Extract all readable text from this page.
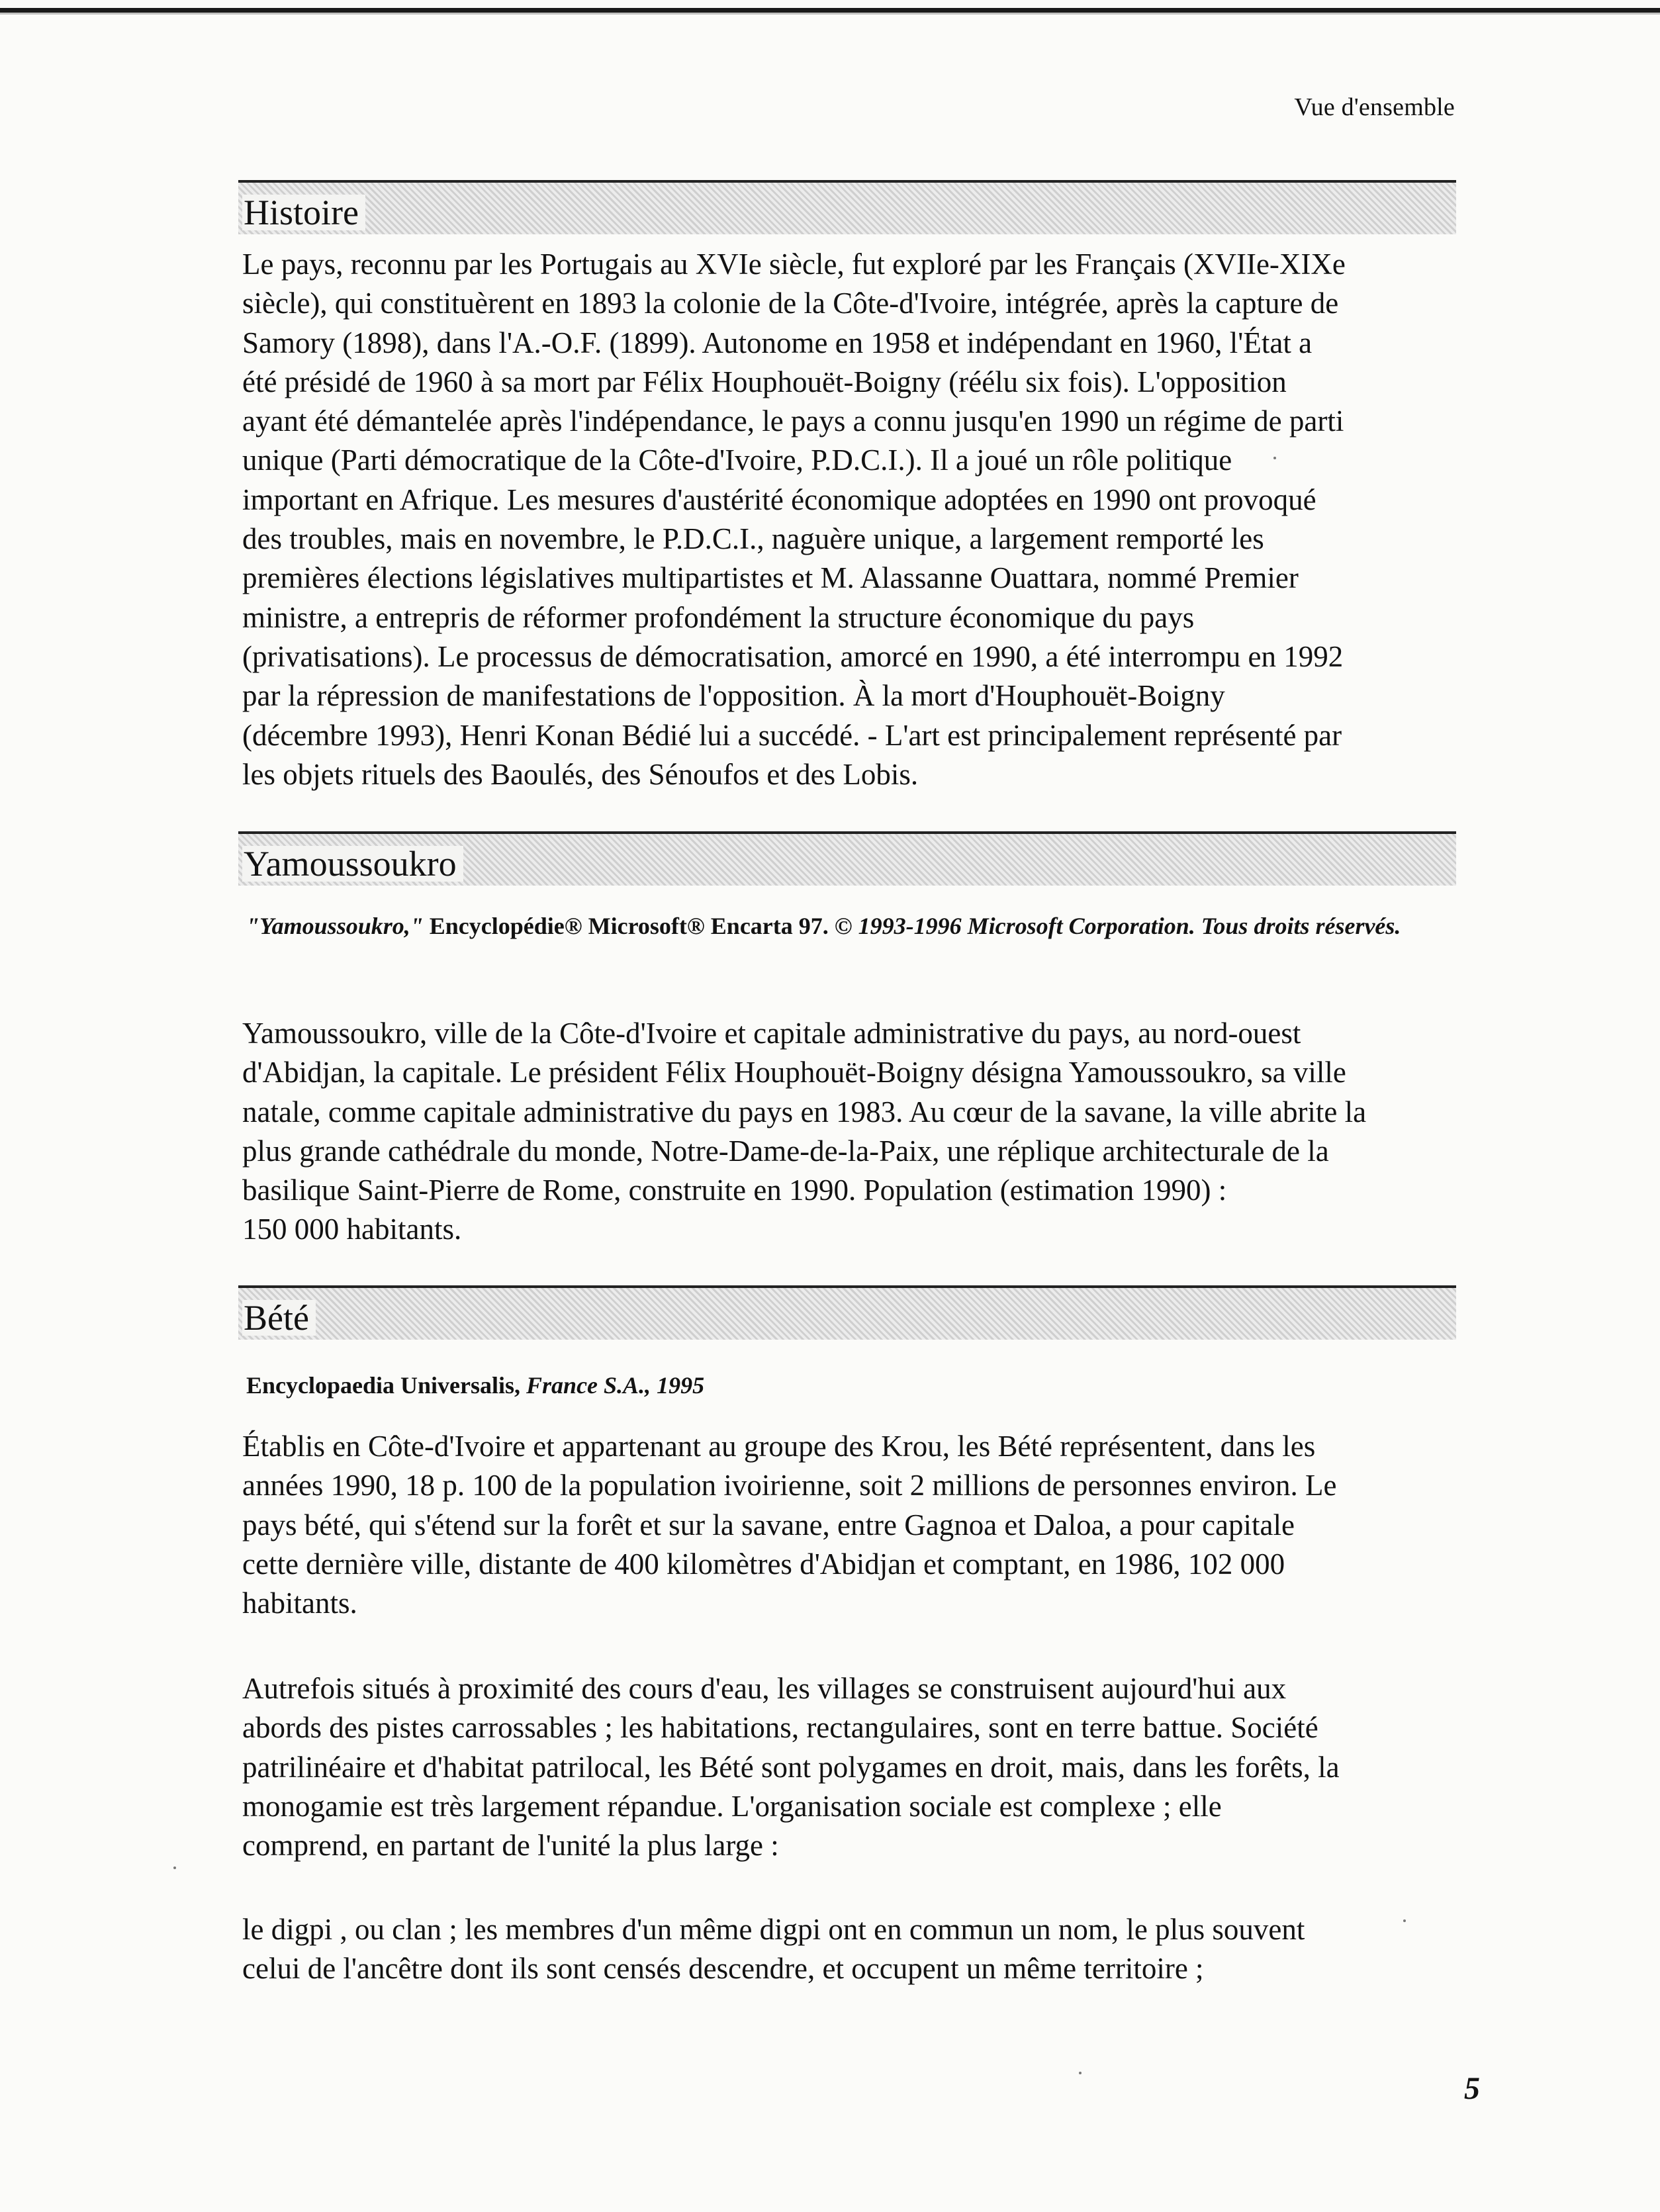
Vue d'ensemble
Histoire

Le pays, reconnu par les Portugais au XVIe siècle, fut exploré par les Français (XVIIe-XIXe
siècle), qui constituèrent en 1893 la colonie de la Côte-d'Ivoire, intégrée, après la capture de
Samory (1898), dans l'A.-O.F. (1899). Autonome en 1958 et indépendant en 1960, l'État a
été présidé de 1960 à sa mort par Félix Houphouët-Boigny (réélu six fois). L'opposition
ayant été démantelée après l'indépendance, le pays a connu jusqu'en 1990 un régime de parti
unique (Parti démocratique de la Côte-d'Ivoire, P.D.C.I.). Il a joué un rôle politique
important en Afrique. Les mesures d'austérité économique adoptées en 1990 ont provoqué
des troubles, mais en novembre, le P.D.C.I., naguère unique, a largement remporté les
premières élections législatives multipartistes et M. Alassanne Ouattara, nommé Premier
ministre, a entrepris de réformer profondément la structure économique du pays
(privatisations). Le processus de démocratisation, amorcé en 1990, a été interrompu en 1992
par la répression de manifestations de l'opposition. À la mort d'Houphouët-Boigny
(décembre 1993), Henri Konan Bédié lui a succédé. - L'art est principalement représenté par
les objets rituels des Baoulés, des Sénoufos et des Lobis.

Yamoussoukro

"Yamoussoukro," Encyclopédie® Microsoft® Encarta 97. © 1993-1996 Microsoft Corporation. Tous droits réservés.

Yamoussoukro, ville de la Côte-d'Ivoire et capitale administrative du pays, au nord-ouest
d'Abidjan, la capitale. Le président Félix Houphouët-Boigny désigna Yamoussoukro, sa ville
natale, comme capitale administrative du pays en 1983. Au cœur de la savane, la ville abrite la
plus grande cathédrale du monde, Notre-Dame-de-la-Paix, une réplique architecturale de la
basilique Saint-Pierre de Rome, construite en 1990. Population (estimation 1990) :
150 000 habitants.

Bété

Encyclopaedia Universalis, France S.A., 1995

Établis en Côte-d'Ivoire et appartenant au groupe des Krou, les Bété représentent, dans les
années 1990, 18 p. 100 de la population ivoirienne, soit 2 millions de personnes environ. Le
pays bété, qui s'étend sur la forêt et sur la savane, entre Gagnoa et Daloa, a pour capitale
cette dernière ville, distante de 400 kilomètres d'Abidjan et comptant, en 1986, 102 000
habitants.

Autrefois situés à proximité des cours d'eau, les villages se construisent aujourd'hui aux
abords des pistes carrossables ; les habitations, rectangulaires, sont en terre battue. Société
patrilinéaire et d'habitat patrilocal, les Bété sont polygames en droit, mais, dans les forêts, la
monogamie est très largement répandue. L'organisation sociale est complexe ; elle
comprend, en partant de l'unité la plus large :

le digpi , ou clan ; les membres d'un même digpi ont en commun un nom, le plus souvent
celui de l'ancêtre dont ils sont censés descendre, et occupent un même territoire ;

5
